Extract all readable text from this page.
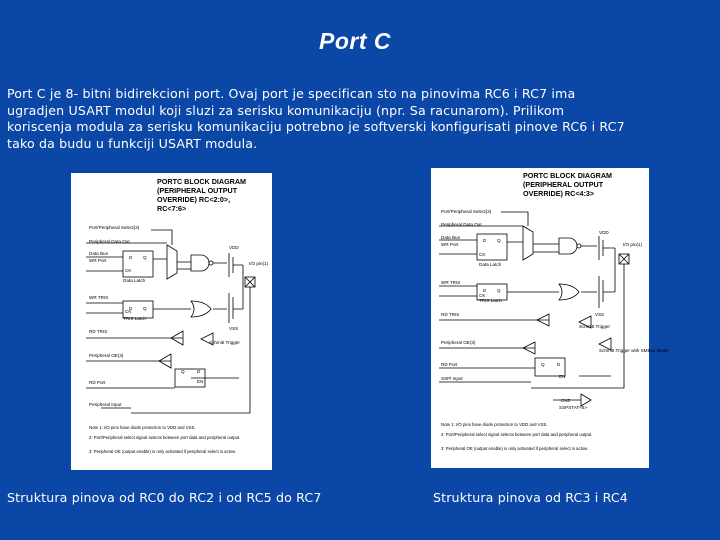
Port C

Port C je 8- bitni bidirekcioni port. Ovaj port je specifican sto na pinovima RC6 i RC7 ima
ugradjen USART modul koji sluzi za serisku komunikaciju (npr. Sa racunarom). Prilikom
koriscenja modula za serisku komunikaciju potrebno je softverski konfigurisati pinove RC6 i RC7
tako da budu u funkciji USART modula.

PORTC BLOCK DIAGRAM
(PERIPHERAL OUTPUT
OVERRIDE) RC<2:0>,
RC<7:6>
Port/Peripheral Select(2)
Peripheral Data Out
Data Bus
WR Port
Data Latch
WR TRIS
TRIS Latch
RD TRIS
Peripheral OE(3)
RD Port
Peripheral Input
VDD
VSS
I/O pin(1)
Schmitt Trigger
EN
D Q
D Q
CK
CK
Q	D
Note 1: I/O pins have diode protection to VDD and VSS.
2: Port/Peripheral select signal selects between port data and peripheral output.
3: Peripheral OE (output enable) is only activated if peripheral select is active.
PORTC BLOCK DIAGRAM
(PERIPHERAL OUTPUT
OVERRIDE) RC<4:3>
Port/Peripheral Select(2)
Peripheral Data Out
Data Bus
WR Port
Data Latch
WR TRIS
TRIS Latch
RD TRIS
Peripheral OE(3)
RD Port
SSPl Input
VDD
VSS
I/O pin(1)
Schmitt Trigger
Schmitt Trigger with SMBus levels
CKE
SSPSTAT<6>
EN
D Q
D Q
CK
CK
Q	D
Note 1: I/O pins have diode protection to VDD and VSS.
2: Port/Peripheral select signal selects between port data and peripheral output.
3: Peripheral OE (output enable) is only activated if peripheral select is active.
Struktura pinova od RC0 do RC2 i od RC5 do RC7	Struktura pinova od RC3 i RC4
